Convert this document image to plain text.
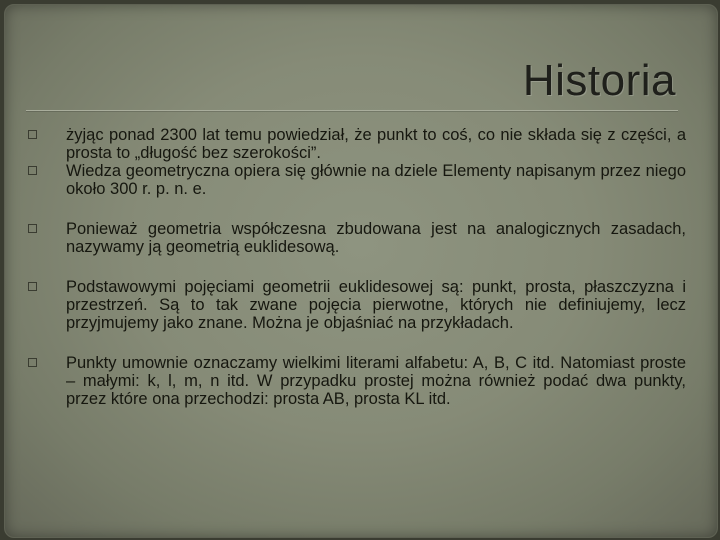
Historia
żyjąc ponad 2300 lat temu powiedział, że punkt to coś, co nie składa się z części, a prosta to „długość bez szerokości”.
Wiedza geometryczna opiera się głównie na dziele Elementy napisanym przez niego około 300 r. p. n. e.
Ponieważ geometria współczesna zbudowana jest na analogicznych zasadach, nazywamy ją geometrią euklidesową.
Podstawowymi pojęciami geometrii euklidesowej są: punkt, prosta, płaszczyzna i przestrzeń. Są to tak zwane pojęcia pierwotne, których nie definiujemy, lecz przyjmujemy jako znane. Można je objaśniać na przykładach.
Punkty umownie oznaczamy wielkimi literami alfabetu: A, B, C itd. Natomiast proste – małymi: k, l, m, n itd. W przypadku prostej można również podać dwa punkty, przez które ona przechodzi: prosta AB, prosta KL itd.
